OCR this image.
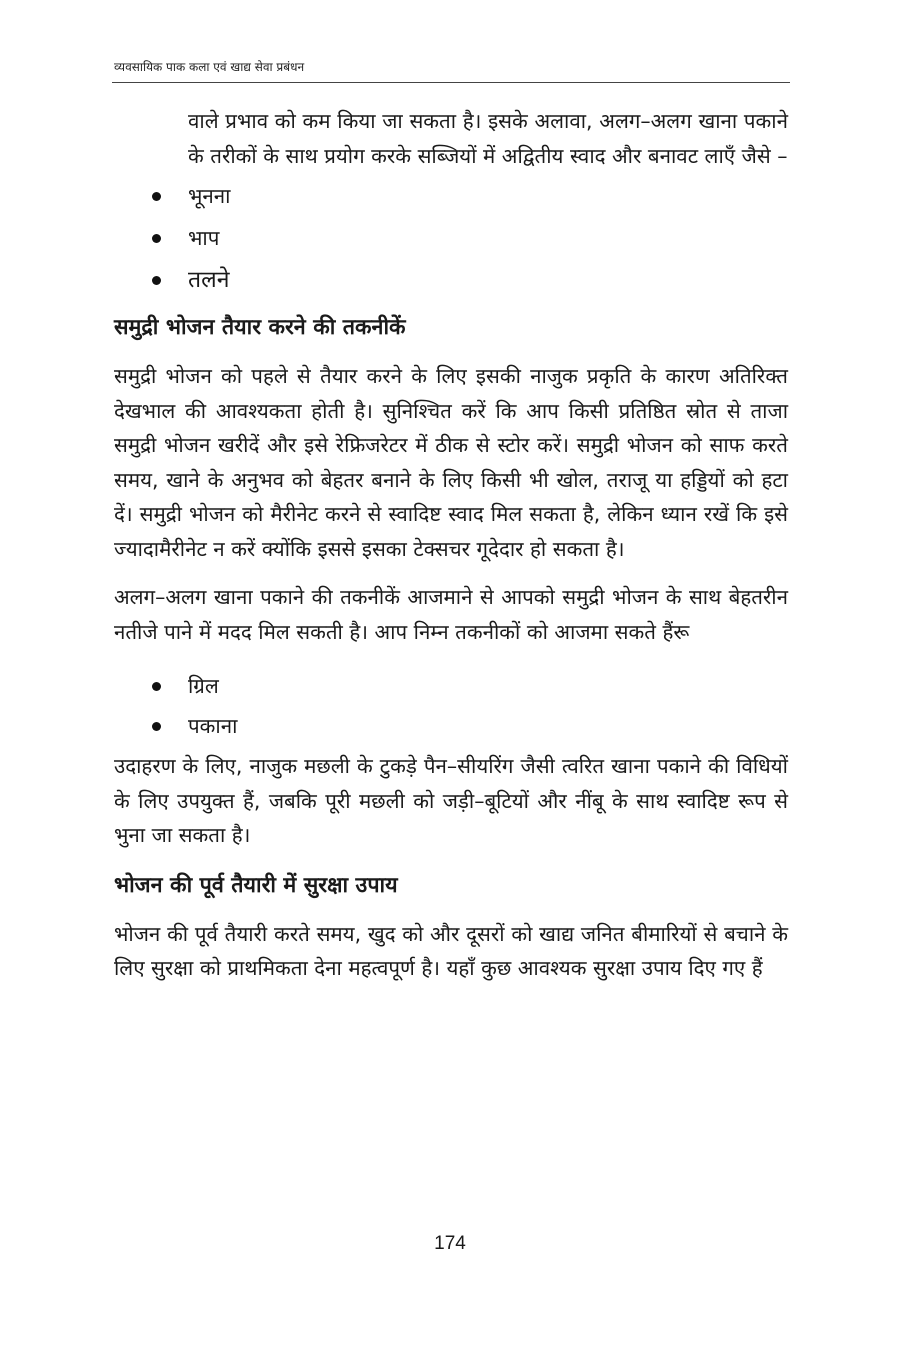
व्यवसायिक पाक कला एवं खाद्य सेवा प्रबंधन

वाले प्रभाव को कम किया जा सकता है। इसके अलावा, अलग–अलग खाना पकाने के तरीकों के साथ प्रयोग करके सब्जियों में अद्वितीय स्वाद और बनावट लाएँ जैसे –

भूनना
भाप
तलने
समुद्री भोजन तैयार करने की तकनीकें

समुद्री भोजन को पहले से तैयार करने के लिए इसकी नाजुक प्रकृति के कारण अतिरिक्त देखभाल की आवश्यकता होती है। सुनिश्चित करें कि आप किसी प्रतिष्ठित स्रोत से ताजा समुद्री भोजन खरीदें और इसे रेफ्रिजरेटर में ठीक से स्टोर करें। समुद्री भोजन को साफ करते समय, खाने के अनुभव को बेहतर बनाने के लिए किसी भी खोल, तराजू या हड्डियों को हटा दें। समुद्री भोजन को मैरीनेट करने से स्वादिष्ट स्वाद मिल सकता है, लेकिन ध्यान रखें कि इसे ज्यादामैरीनेट न करें क्योंकि इससे इसका टेक्सचर गूदेदार हो सकता है।

अलग–अलग खाना पकाने की तकनीकें आजमाने से आपको समुद्री भोजन के साथ बेहतरीन नतीजे पाने में मदद मिल सकती है। आप निम्न तकनीकों को आजमा सकते हैंरू

ग्रिल
पकाना

उदाहरण के लिए, नाजुक मछली के टुकड़े पैन–सीयरिंग जैसी त्वरित खाना पकाने की विधियों के लिए उपयुक्त हैं, जबकि पूरी मछली को जड़ी–बूटियों और नींबू के साथ स्वादिष्ट रूप से भुना जा सकता है।

भोजन की पूर्व तैयारी में सुरक्षा उपाय

भोजन की पूर्व तैयारी करते समय, खुद को और दूसरों को खाद्य जनित बीमारियों से बचाने के लिए सुरक्षा को प्राथमिकता देना महत्वपूर्ण है। यहाँ कुछ आवश्यक सुरक्षा उपाय दिए गए हैं

174
